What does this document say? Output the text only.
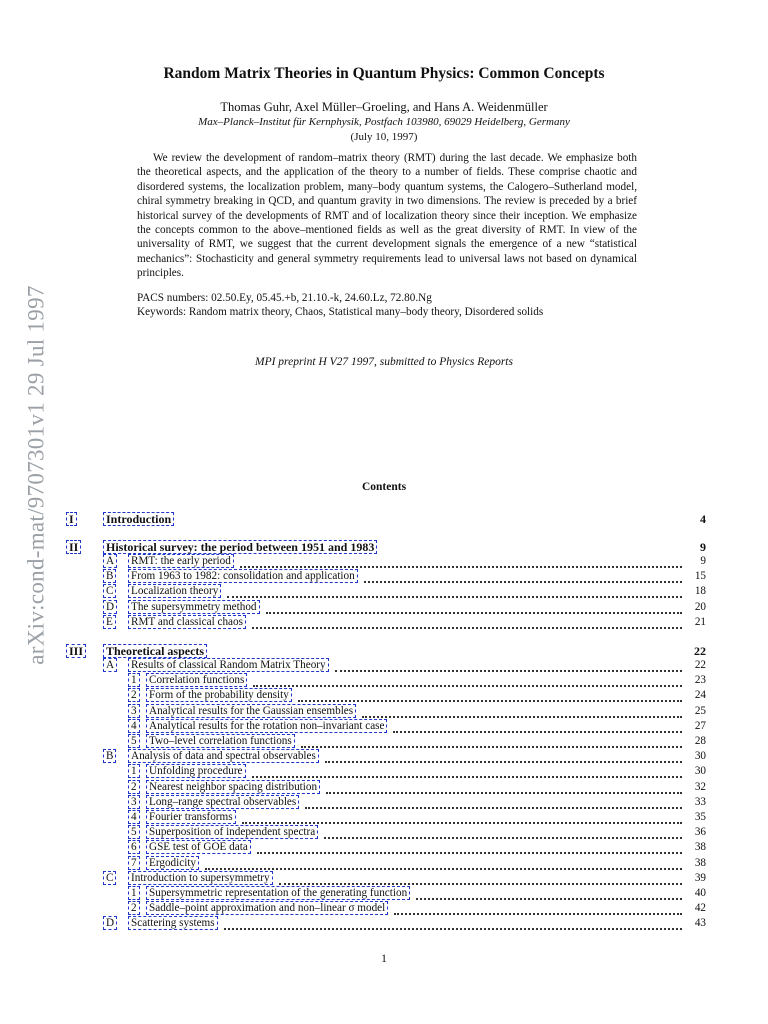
arXiv:cond-mat/9707301v1 29 Jul 1997
Random Matrix Theories in Quantum Physics: Common Concepts
Thomas Guhr, Axel Müller–Groeling, and Hans A. Weidenmüller
Max–Planck–Institut für Kernphysik, Postfach 103980, 69029 Heidelberg, Germany
(July 10, 1997)

We review the development of random–matrix theory (RMT) during the last decade. We emphasize both the theoretical aspects, and the application of the theory to a number of fields. These comprise chaotic and disordered systems, the localization problem, many–body quantum systems, the Calogero–Sutherland model, chiral symmetry breaking in QCD, and quantum gravity in two dimensions. The review is preceded by a brief historical survey of the developments of RMT and of localization theory since their inception. We emphasize the concepts common to the above–mentioned fields as well as the great diversity of RMT. In view of the universality of RMT, we suggest that the current development signals the emergence of a new “statistical mechanics”: Stochasticity and general symmetry requirements lead to universal laws not based on dynamical principles.

PACS numbers: 02.50.Ey, 05.45.+b, 21.10.-k, 24.60.Lz, 72.80.Ng
Keywords: Random matrix theory, Chaos, Statistical many–body theory, Disordered solids
MPI preprint H V27 1997, submitted to Physics Reports
Contents
I	Introduction	4
II Historical survey: the period between 1951 and 1983	9
A RMT: the early period	9
B From 1963 to 1982: consolidation and application	15
C Localization theory	18
D The supersymmetry method	20
E RMT and classical chaos	21
III Theoretical aspects	22
A Results of classical Random Matrix Theory	22
1 Correlation functions	23
2 Form of the probability density	24
3 Analytical results for the Gaussian ensembles	25
4 Analytical results for the rotation non–invariant case	27
5 Two–level correlation functions	28
B Analysis of data and spectral observables	30
1 Unfolding procedure	30
2 Nearest neighbor spacing distribution	32
3 Long–range spectral observables	33
4 Fourier transforms	35
5 Superposition of independent spectra	36
6 GSE test of GOE data	38
7 Ergodicity	38
C Introduction to supersymmetry	39
1 Supersymmetric representation of the generating function	40
2 Saddle–point approximation and non–linear σ model	42
D Scattering systems	43
1
